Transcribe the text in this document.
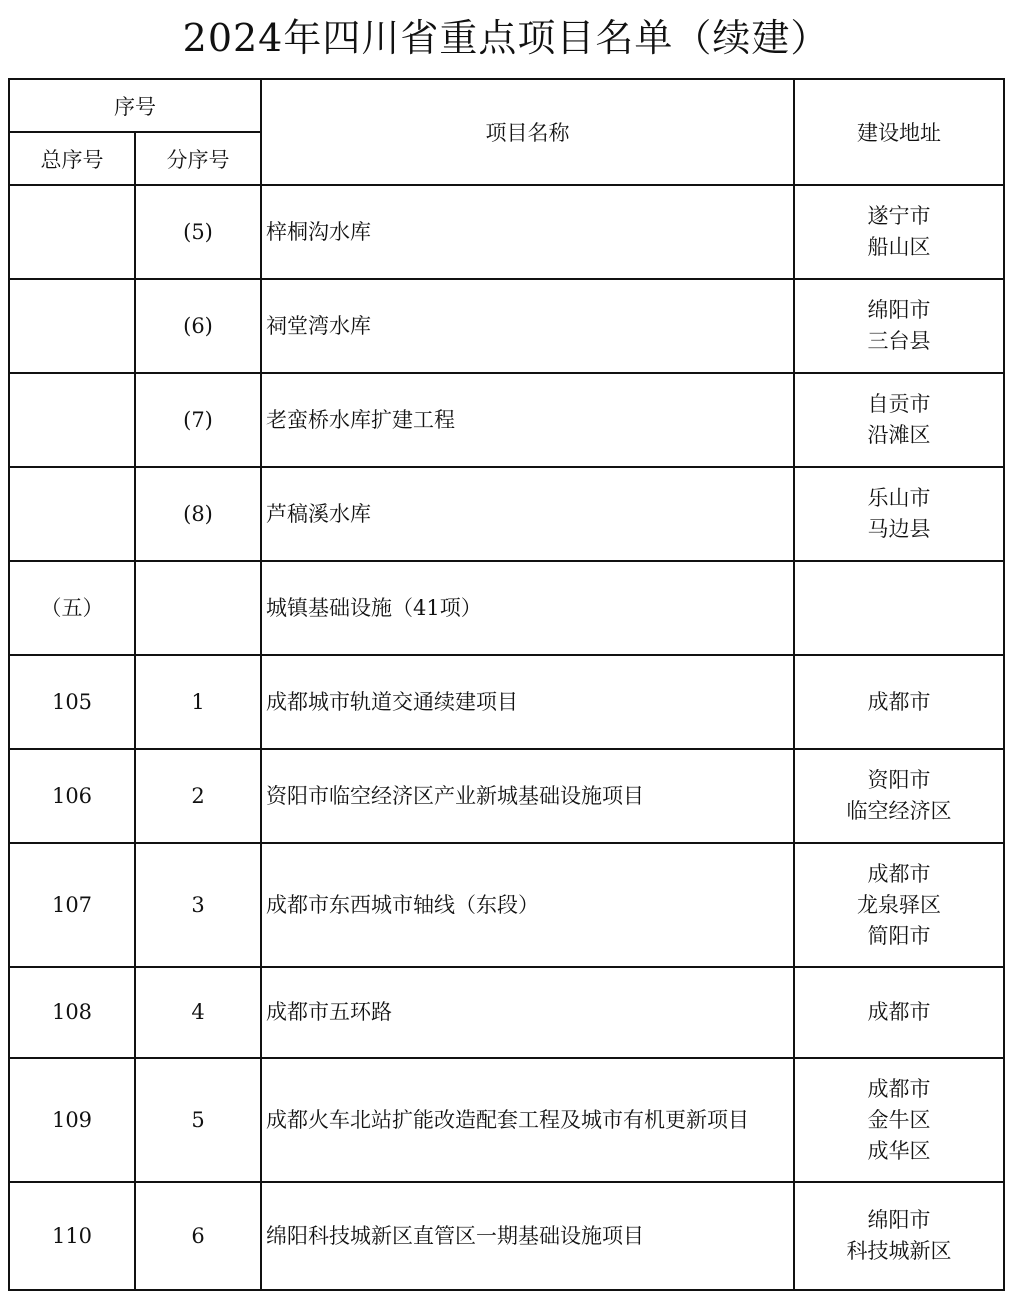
2024年四川省重点项目名单（续建）
序号		项目名称	建设地址
总序号	分序号		
	(5)	梓桐沟水库	遂宁市
船山区

	(6)	祠堂湾水库	绵阳市
三台县

	(7)	老蛮桥水库扩建工程	自贡市
沿滩区

	(8)	芦稿溪水库	乐山市
马边县

（五）		城镇基础设施（41项）	
105	1	成都城市轨道交通续建项目	成都市

106	2	资阳市临空经济区产业新城基础设施项目	资阳市
临空经济区

107	3	成都市东西城市轴线（东段）	成都市
龙泉驿区
简阳市

108	4	成都市五环路	成都市

109	5	成都火车北站扩能改造配套工程及城市有机更新项目	成都市
金牛区
成华区

110	6	绵阳科技城新区直管区一期基础设施项目	绵阳市
科技城新区
